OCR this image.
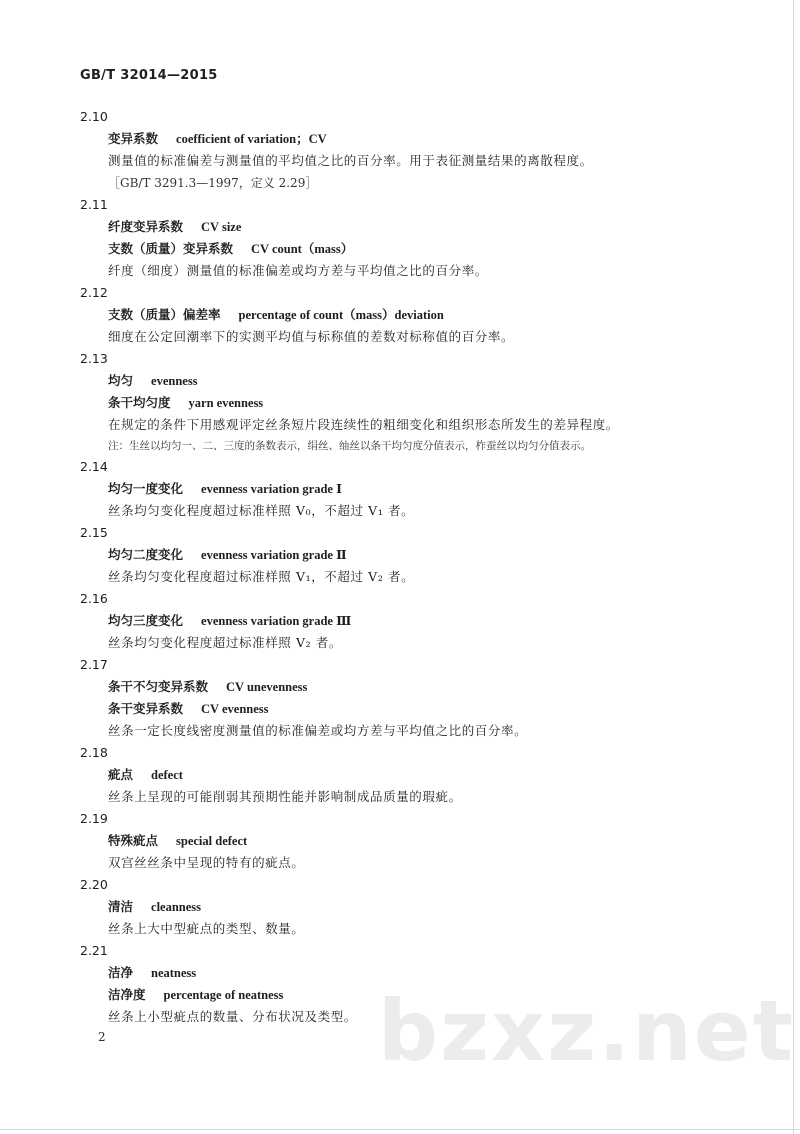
GB/T 32014—2015
2.10
变异系数 coefficient of variation；CV
测量值的标准偏差与测量值的平均值之比的百分率。用于表征测量结果的离散程度。
［GB/T 3291.3—1997，定义 2.29］
2.11
纤度变异系数 CV size
支数（质量）变异系数 CV count（mass）
纤度（细度）测量值的标准偏差或均方差与平均值之比的百分率。
2.12
支数（质量）偏差率 percentage of count（mass）deviation
细度在公定回潮率下的实测平均值与标称值的差数对标称值的百分率。
2.13
均匀 evenness
条干均匀度 yarn evenness
在规定的条件下用感观评定丝条短片段连续性的粗细变化和组织形态所发生的差异程度。
注：生丝以均匀一、二、三度的条数表示，绢丝、䌷丝以条干均匀度分值表示，柞蚕丝以均匀分值表示。
2.14
均匀一度变化 evenness variation grade Ⅰ
丝条均匀变化程度超过标准样照 V₀，不超过 V₁ 者。
2.15
均匀二度变化 evenness variation grade Ⅱ
丝条均匀变化程度超过标准样照 V₁，不超过 V₂ 者。
2.16
均匀三度变化 evenness variation grade Ⅲ
丝条均匀变化程度超过标准样照 V₂ 者。
2.17
条干不匀变异系数 CV unevenness
条干变异系数 CV evenness
丝条一定长度线密度测量值的标准偏差或均方差与平均值之比的百分率。
2.18
疵点 defect
丝条上呈现的可能削弱其预期性能并影响制成品质量的瑕疵。
2.19
特殊疵点 special defect
双宫丝丝条中呈现的特有的疵点。
2.20
清洁 cleanness
丝条上大中型疵点的类型、数量。
2.21
洁净 neatness
洁净度 percentage of neatness
丝条上小型疵点的数量、分布状况及类型。
2	bzxz.net
